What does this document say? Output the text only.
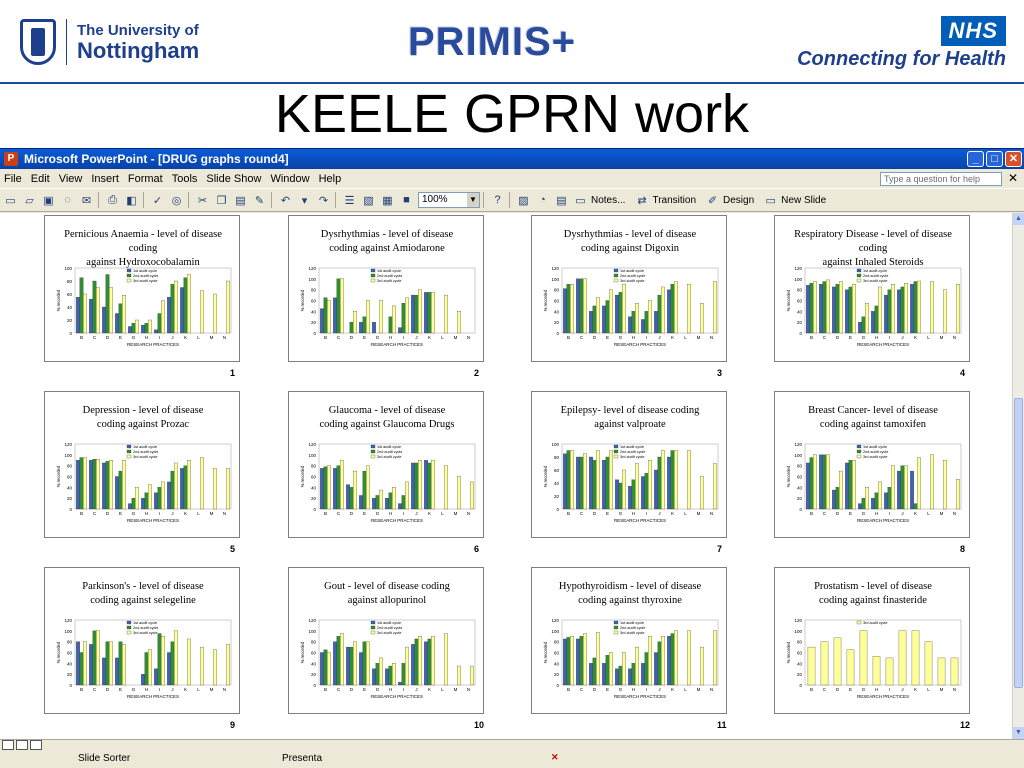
The University of
Nottingham	PRIMIS+	NHS
Connecting for Health
KEELE GPRN work
P Microsoft PowerPoint - [DRUG graphs round4]	_	□	✕
File Edit View Insert Format Tools Slide Show Window Help	Type a question for help	✕
▭ ▱ ▣ ◌	✉	⎙ ◧	✓ ◎	✂ ❐ ▤ ✎	↶	▾	↷	☰ ▧ ▦ ■	100%	▼	?	▨ ◔ ▤ ▭ Notes...	⇄ Transition	✐ Design ▭ New Slide
Pernicious Anaemia - level of disease coding
against Hydroxocobalamin
100
80
60
40
20
0
% recorded
B C D E G H I J K L M N
RESEARCH PRACTICES
1st audit cycle
2nd audit cycle
3rd audit cycle
1
Dysrhythmias - level of disease
coding against Amiodarone
120
100
80
60
40
20
0
% recorded
B C D E G H I J K L M N
RESEARCH PRACTICES
1st audit cycle
2nd audit cycle
3rd audit cycle
2
Dysrhythmias - level of disease
coding against Digoxin
120
100
80
60
40
20
0
% recorded
B C D E G H I J K L M N
RESEARCH PRACTICES
1st audit cycle
2nd audit cycle
3rd audit cycle
3
Respiratory Disease - level of disease coding
against Inhaled Steroids
120
100
80
60
40
20
0
% recorded
B C D E G H I J K L M N
RESEARCH PRACTICES
1st audit cycle
2nd audit cycle
3rd audit cycle
4
Depression - level of disease
coding against Prozac
120
100
80
60
40
20
0
% recorded
B C D E G H I J K L M N
RESEARCH PRACTICES
1st audit cycle
2nd audit cycle
3rd audit cycle
5
Glaucoma - level of disease
coding against Glaucoma Drugs
120
100
80
60
40
20
0
% recorded
B C D E G H I J K L M N
RESEARCH PRACTICES
1st audit cycle
2nd audit cycle
3rd audit cycle
6
Epilepsy- level of disease coding
against valproate
100
80
60
40
20
0
% recorded
B C D E G H I J K L M N
RESEARCH PRACTICES
1st audit cycle
2nd audit cycle
3rd audit cycle
7
Breast Cancer- level of disease
coding against tamoxifen
120
100
80
60
40
20
0
% recorded
B C D E G H I J K L M N
RESEARCH PRACTICES
1st audit cycle
2nd audit cycle
3rd audit cycle
8
Parkinson's - level of disease
coding against selegeline
120
100
80
60
40
20
0
% recorded
B C D E G H I J K L M N
RESEARCH PRACTICES
1st audit cycle
2nd audit cycle
3rd audit cycle
9
Gout - level of disease coding
against allopurinol
120
100
80
60
40
20
0
% recorded
B C D E G H I J K L M N
RESEARCH PRACTICES
1st audit cycle
2nd audit cycle
3rd audit cycle
10
Hypothyroidism - level of disease
coding against thyroxine
120
100
80
60
40
20
0
% recorded
B C D E G H I J K L M N
RESEARCH PRACTICES
1st audit cycle
2nd audit cycle
3rd audit cycle
11
Prostatism - level of disease
coding against finasteride
120
100
80
60
40
20
0
% recorded
B C D E G H I J K L M N
RESEARCH PRACTICES
3rd audit cycle
12
▲
▼
Slide Sorter	Presenta	✕
